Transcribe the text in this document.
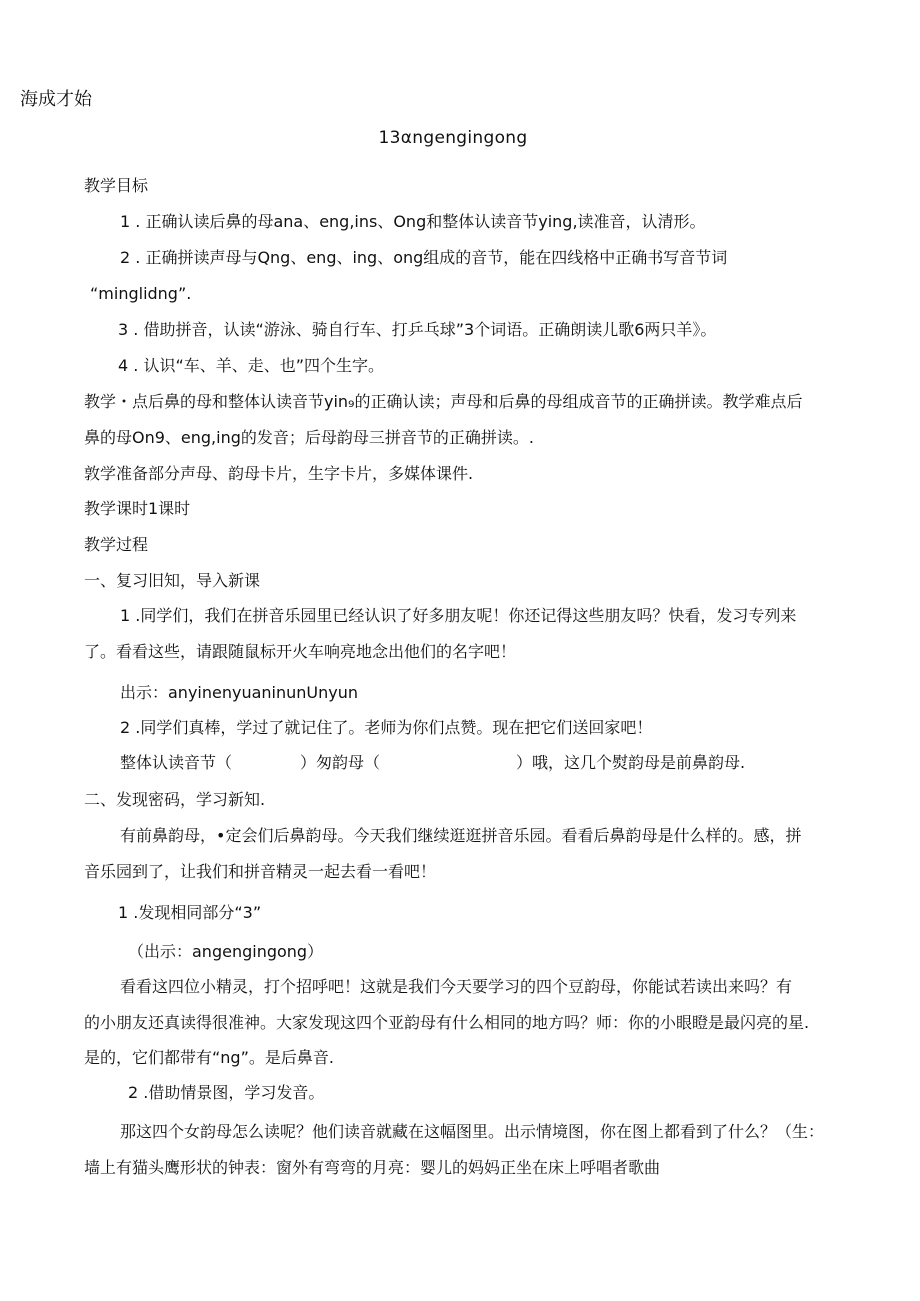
海成才始
13αngengingong
教学目标
1 . 正确认读后鼻的母ana、eng,ins、Ong和整体认读音节ying,读准音，认清形。
2 . 正确拼读声母与Qng、eng、ing、ong组成的音节，能在四线格中正确书写音节词
“minglidng”.
3 . 借助拼音，认读“游泳、骑自行车、打乒乓球”3个词语。正确朗读儿歌6两只羊》。
4 . 认识“车、羊、走、也”四个生字。
教学・点后鼻的母和整体认读音节yin₉的正确认读；声母和后鼻的母组成音节的正确拼读。教学难点后
鼻的母On9、eng,ing的发音；后母韵母三拼音节的正确拼读。.
敦学准备部分声母、韵母卡片，生字卡片，多媒体课件.
教学课时1课时
教学过程
一、复习旧知，导入新课
1 .同学们，我们在拼音乐园里已经认识了好多朋友呢！你还记得这些朋友吗？快看，发习专列来
了。看看这些，请跟随鼠标开火车响亮地念出他们的名字吧！
出示：anyinenyuaninunUnyun
2 .同学们真棒，学过了就记住了。老师为你们点赞。现在把它们送回家吧！
整体认读音节（	）匆韵母（	）哦，这几个熨韵母是前鼻韵母.
二、发现密码，学习新知.
有前鼻韵母，•定会们后鼻韵母。今天我们继续逛逛拼音乐园。看看后鼻韵母是什么样的。感，拼
音乐园到了，让我们和拼音精灵一起去看一看吧！
1 .发现相同部分“3”
（出示：angengingong）
看看这四位小精灵，打个招呼吧！这就是我们今天要学习的四个豆韵母，你能试若读出来吗？有
的小朋友还真读得很准神。大家发现这四个亚韵母有什么相同的地方吗？师：你的小眼瞪是最闪亮的星.
是的，它们都带有“ng”。是后鼻音.
2 .借助情景图，学习发音。
那这四个女韵母怎么读呢？他们读音就藏在这幅图里。出示情境图，你在图上都看到了什么？（生：
墙上有猫头鹰形状的钟表：窗外有弯弯的月亮：婴儿的妈妈正坐在床上呼唱者歌曲
